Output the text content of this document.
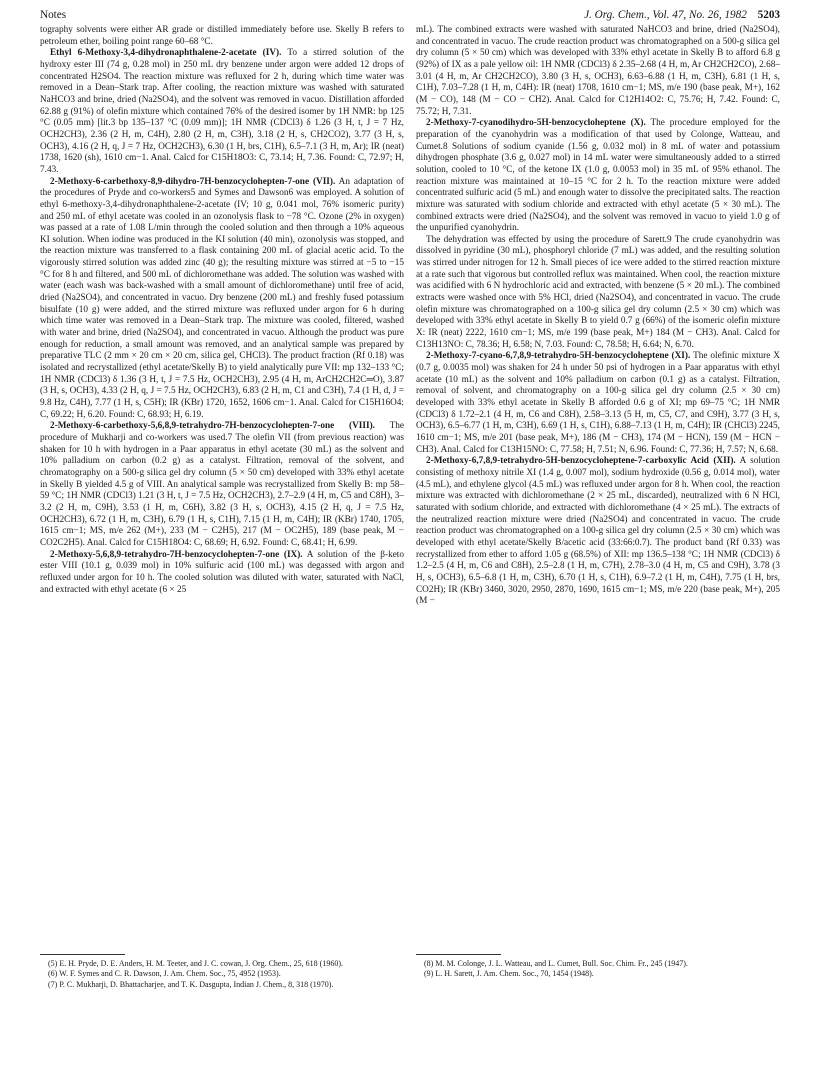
Notes	J. Org. Chem., Vol. 47, No. 26, 1982 5203

tography solvents were either AR grade or distilled immediately before use. Skelly B refers to petroleum ether, boiling point range 60–68 °C.

Ethyl 6-Methoxy-3,4-dihydronaphthalene-2-acetate (IV). To a stirred solution of the hydroxy ester III (74 g, 0.28 mol) in 250 mL dry benzene under argon were added 12 drops of concentrated H2SO4. The reaction mixture was refluxed for 2 h, during which time water was removed in a Dean–Stark trap. After cooling, the reaction mixture was washed with saturated NaHCO3 and brine, dried (Na2SO4), and the solvent was removed in vacuo. Distillation afforded 62.88 g (91%) of olefin mixture which contained 76% of the desired isomer by 1H NMR: bp 125 °C (0.05 mm) [lit.3 bp 135–137 °C (0.09 mm)]; 1H NMR (CDCl3) δ 1.26 (3 H, t, J = 7 Hz, OCH2CH3), 2.36 (2 H, m, C4H), 2.80 (2 H, m, C3H), 3.18 (2 H, s, CH2CO2), 3.77 (3 H, s, OCH3), 4.16 (2 H, q, J = 7 Hz, OCH2CH3), 6.30 (1 H, brs, C1H), 6.5–7.1 (3 H, m, Ar); IR (neat) 1738, 1620 (sh), 1610 cm−1. Anal. Calcd for C15H18O3: C, 73.14; H, 7.36. Found: C, 72.97; H, 7.43.

2-Methoxy-6-carbethoxy-8,9-dihydro-7H-benzocyclohepten-7-one (VII). An adaptation of the procedures of Pryde and co-workers5 and Symes and Dawson6 was employed. A solution of ethyl 6-methoxy-3,4-dihydronaphthalene-2-acetate (IV; 10 g, 0.041 mol, 76% isomeric purity) and 250 mL of ethyl acetate was cooled in an ozonolysis flask to −78 °C. Ozone (2% in oxygen) was passed at a rate of 1.08 L/min through the cooled solution and then through a 10% aqueous KI solution. When iodine was produced in the KI solution (40 min), ozonolysis was stopped, and the reaction mixture was transferred to a flask containing 200 mL of glacial acetic acid. To the vigorously stirred solution was added zinc (40 g); the resulting mixture was stirred at −5 to −15 °C for 8 h and filtered, and 500 mL of dichloromethane was added. The solution was washed with water (each wash was back-washed with a small amount of dichloromethane) until free of acid, dried (Na2SO4), and concentrated in vacuo. Dry benzene (200 mL) and freshly fused potassium bisulfate (10 g) were added, and the stirred mixture was refluxed under argon for 6 h during which time water was removed in a Dean–Stark trap. The mixture was cooled, filtered, washed with water and brine, dried (Na2SO4), and concentrated in vacuo. Although the product was pure enough for reduction, a small amount was removed, and an analytical sample was prepared by preparative TLC (2 mm × 20 cm × 20 cm, silica gel, CHCl3). The product fraction (Rf 0.18) was isolated and recrystallized (ethyl acetate/Skelly B) to yield analytically pure VII: mp 132–133 °C; 1H NMR (CDCl3) δ 1.36 (3 H, t, J = 7.5 Hz, OCH2CH3), 2.95 (4 H, m, ArCH2CH2C═O), 3.87 (3 H, s, OCH3), 4.33 (2 H, q, J = 7.5 Hz, OCH2CH3), 6.83 (2 H, m, C1 and C3H), 7.4 (1 H, d, J = 9.8 Hz, C4H), 7.77 (1 H, s, C5H); IR (KBr) 1720, 1652, 1606 cm−1. Anal. Calcd for C15H16O4: C, 69.22; H, 6.20. Found: C, 68.93; H, 6.19.

2-Methoxy-6-carbethoxy-5,6,8,9-tetrahydro-7H-benzocyclohepten-7-one (VIII). The procedure of Mukharji and co-workers was used.7 The olefin VII (from previous reaction) was shaken for 10 h with hydrogen in a Paar apparatus in ethyl acetate (30 mL) as the solvent and 10% palladium on carbon (0.2 g) as a catalyst. Filtration, removal of the solvent, and chromatography on a 500-g silica gel dry column (5 × 50 cm) developed with 33% ethyl acetate in Skelly B yielded 4.5 g of VIII. An analytical sample was recrystallized from Skelly B: mp 58–59 °C; 1H NMR (CDCl3) 1.21 (3 H, t, J = 7.5 Hz, OCH2CH3), 2.7–2.9 (4 H, m, C5 and C8H), 3–3.2 (2 H, m, C9H), 3.53 (1 H, m, C6H), 3.82 (3 H, s, OCH3), 4.15 (2 H, q, J = 7.5 Hz, OCH2CH3), 6.72 (1 H, m, C3H), 6.79 (1 H, s, C1H), 7.15 (1 H, m, C4H); IR (KBr) 1740, 1705, 1615 cm−1; MS, m/e 262 (M+), 233 (M − C2H5), 217 (M − OC2H5), 189 (base peak, M − CO2C2H5). Anal. Calcd for C15H18O4: C, 68.69; H, 6.92. Found: C, 68.41; H, 6.99.

2-Methoxy-5,6,8,9-tetrahydro-7H-benzocyclohepten-7-one (IX). A solution of the β-keto ester VIII (10.1 g, 0.039 mol) in 10% sulfuric acid (100 mL) was degassed with argon and refluxed under argon for 10 h. The cooled solution was diluted with water, saturated with NaCl, and extracted with ethyl acetate (6 × 25

mL). The combined extracts were washed with saturated NaHCO3 and brine, dried (Na2SO4), and concentrated in vacuo. The crude reaction product was chromatographed on a 500-g silica gel dry column (5 × 50 cm) which was developed with 33% ethyl acetate in Skelly B to afford 6.8 g (92%) of IX as a pale yellow oil: 1H NMR (CDCl3) δ 2.35–2.68 (4 H, m, Ar CH2CH2CO), 2.68–3.01 (4 H, m, Ar CH2CH2CO), 3.80 (3 H, s, OCH3), 6.63–6.88 (1 H, m, C3H), 6.81 (1 H, s, C1H), 7.03–7.28 (1 H, m, C4H): IR (neat) 1708, 1610 cm−1; MS, m/e 190 (base peak, M+), 162 (M − CO), 148 (M − CO − CH2). Anal. Calcd for C12H14O2: C, 75.76; H, 7.42. Found: C, 75.72; H, 7.31.

2-Methoxy-7-cyanodihydro-5H-benzocycloheptene (X). The procedure employed for the preparation of the cyanohydrin was a modification of that used by Colonge, Watteau, and Cumet.8 Solutions of sodium cyanide (1.56 g, 0.032 mol) in 8 mL of water and potassium dihydrogen phosphate (3.6 g, 0.027 mol) in 14 mL water were simultaneously added to a stirred solution, cooled to 10 °C, of the ketone IX (1.0 g, 0.0053 mol) in 35 mL of 95% ethanol. The reaction mixture was maintained at 10–15 °C for 2 h. To the reaction mixture were added concentrated sulfuric acid (5 mL) and enough water to dissolve the precipitated salts. The reaction mixture was saturated with sodium chloride and extracted with ethyl acetate (5 × 30 mL). The combined extracts were dried (Na2SO4), and the solvent was removed in vacuo to yield 1.0 g of the unpurified cyanohydrin.

The dehydration was effected by using the procedure of Sarett.9 The crude cyanohydrin was dissolved in pyridine (30 mL), phosphoryl chloride (7 mL) was added, and the resulting solution was stirred under nitrogen for 12 h. Small pieces of ice were added to the stirred reaction mixture at a rate such that vigorous but controlled reflux was maintained. When cool, the reaction mixture was acidified with 6 N hydrochloric acid and extracted, with benzene (5 × 20 mL). The combined extracts were washed once with 5% HCl, dried (Na2SO4), and concentrated in vacuo. The crude olefin mixture was chromatographed on a 100-g silica gel dry column (2.5 × 30 cm) which was developed with 33% ethyl acetate in Skelly B to yield 0.7 g (66%) of the isomeric olefin mixture X: IR (neat) 2222, 1610 cm−1; MS, m/e 199 (base peak, M+) 184 (M − CH3). Anal. Calcd for C13H13NO: C, 78.36; H, 6.58; N, 7.03. Found: C, 78.58; H, 6.64; N, 6.70.

2-Methoxy-7-cyano-6,7,8,9-tetrahydro-5H-benzocycloheptene (XI). The olefinic mixture X (0.7 g, 0.0035 mol) was shaken for 24 h under 50 psi of hydrogen in a Paar apparatus with ethyl acetate (10 mL) as the solvent and 10% palladium on carbon (0.1 g) as a catalyst. Filtration, removal of solvent, and chromatography on a 100-g silica gel dry column (2.5 × 30 cm) developed with 33% ethyl acetate in Skelly B afforded 0.6 g of XI; mp 69–75 °C; 1H NMR (CDCl3) δ 1.72–2.1 (4 H, m, C6 and C8H), 2.58–3.13 (5 H, m, C5, C7, and C9H), 3.77 (3 H, s, OCH3), 6.5–6.77 (1 H, m, C3H), 6.69 (1 H, s, C1H), 6.88–7.13 (1 H, m, C4H); IR (CHCl3) 2245, 1610 cm−1; MS, m/e 201 (base peak, M+), 186 (M − CH3), 174 (M − HCN), 159 (M − HCN − CH3). Anal. Calcd for C13H15NO: C, 77.58; H, 7.51; N, 6.96. Found: C, 77.36; H, 7.57; N, 6.68.

2-Methoxy-6,7,8,9-tetrahydro-5H-benzocycloheptene-7-carboxylic Acid (XII). A solution consisting of methoxy nitrile XI (1.4 g, 0.007 mol), sodium hydroxide (0.56 g, 0.014 mol), water (4.5 mL), and ethylene glycol (4.5 mL) was refluxed under argon for 8 h. When cool, the reaction mixture was extracted with dichloromethane (2 × 25 mL, discarded), neutralized with 6 N HCl, saturated with sodium chloride, and extracted with dichloromethane (4 × 25 mL). The extracts of the neutralized reaction mixture were dried (Na2SO4) and concentrated in vacuo. The crude reaction product was chromatographed on a 100-g silica gel dry column (2.5 × 30 cm) which was developed with ethyl acetate/Skelly B/acetic acid (33:66:0.7). The product band (Rf 0.33) was recrystallized from ether to afford 1.05 g (68.5%) of XII: mp 136.5–138 °C; 1H NMR (CDCl3) δ 1.2–2.5 (4 H, m, C6 and C8H), 2.5–2.8 (1 H, m, C7H), 2.78–3.0 (4 H, m, C5 and C9H), 3.78 (3 H, s, OCH3), 6.5–6.8 (1 H, m, C3H), 6.70 (1 H, s, C1H), 6.9–7.2 (1 H, m, C4H), 7.75 (1 H, brs, CO2H); IR (KBr) 3460, 3020, 2950, 2870, 1690, 1615 cm−1; MS, m/e 220 (base peak, M+), 205 (M −

(5) E. H. Pryde, D. E. Anders, H. M. Teeter, and J. C. cowan, J. Org. Chem., 25, 618 (1960).

(6) W. F. Symes and C. R. Dawson, J. Am. Chem. Soc., 75, 4952 (1953).

(7) P. C. Mukharji, D. Bhattacharjee, and T. K. Dasgupta, Indian J. Chem., 8, 318 (1970).

(8) M. M. Colonge, J. L. Watteau, and L. Cumet, Bull. Soc. Chim. Fr., 245 (1947).

(9) L. H. Sarett, J. Am. Chem. Soc., 70, 1454 (1948).
